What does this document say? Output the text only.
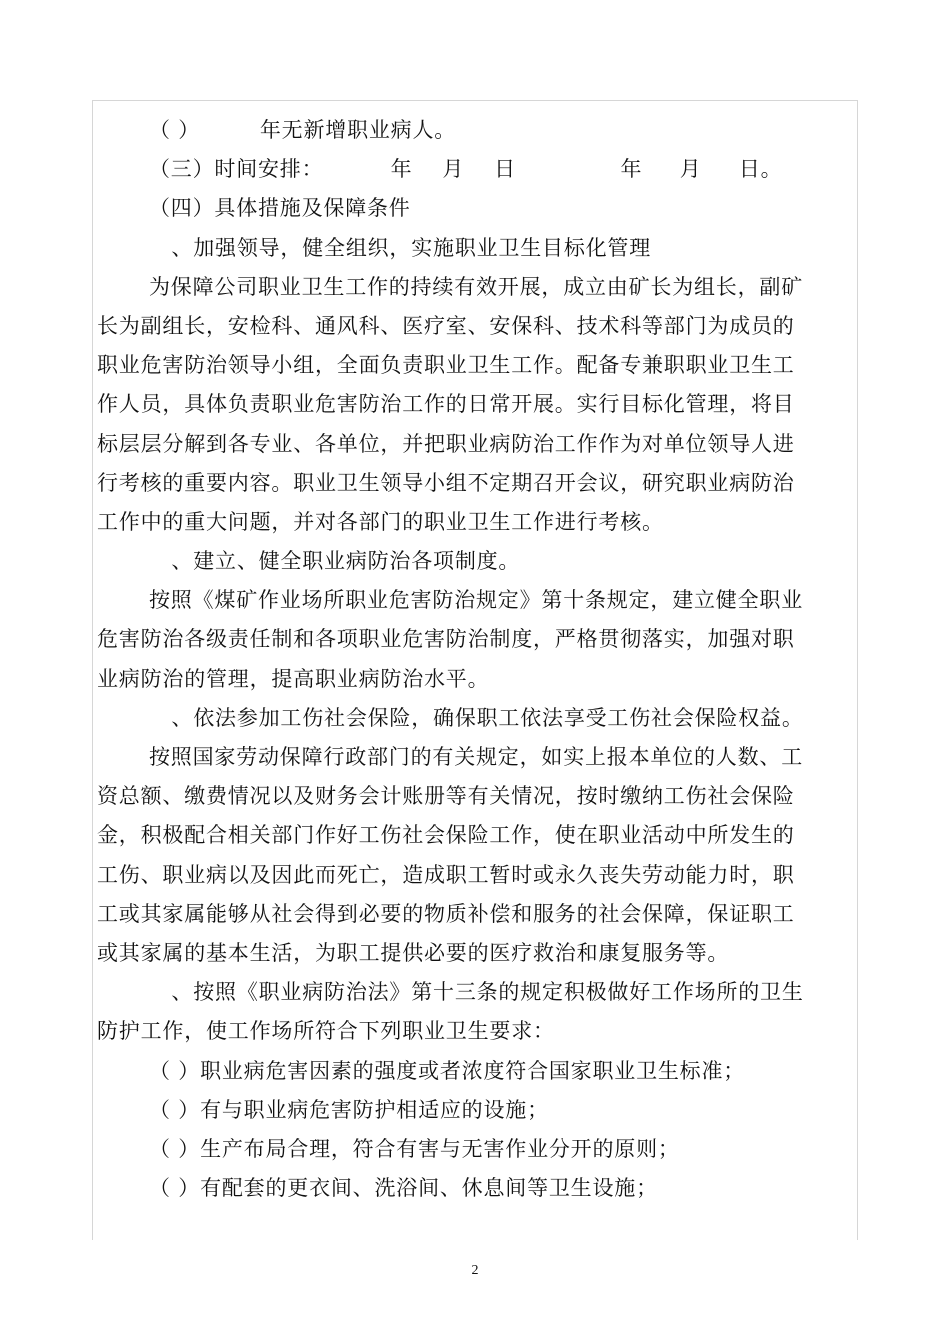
（ ）        年无新增职业病人。
（三）时间安排：         年    月    日              年     月     日。
（四）具体措施及保障条件
、加强领导，健全组织，实施职业卫生目标化管理
为保障公司职业卫生工作的持续有效开展，成立由矿长为组长，副矿
长为副组长，安检科、通风科、医疗室、安保科、技术科等部门为成员的
职业危害防治领导小组，全面负责职业卫生工作。配备专兼职职业卫生工
作人员，具体负责职业危害防治工作的日常开展。实行目标化管理，将目
标层层分解到各专业、各单位，并把职业病防治工作作为对单位领导人进
行考核的重要内容。职业卫生领导小组不定期召开会议，研究职业病防治
工作中的重大问题，并对各部门的职业卫生工作进行考核。
、建立、健全职业病防治各项制度。
按照《煤矿作业场所职业危害防治规定》第十条规定，建立健全职业
危害防治各级责任制和各项职业危害防治制度，严格贯彻落实，加强对职
业病防治的管理，提高职业病防治水平。
、依法参加工伤社会保险，确保职工依法享受工伤社会保险权益。
按照国家劳动保障行政部门的有关规定，如实上报本单位的人数、工
资总额、缴费情况以及财务会计账册等有关情况，按时缴纳工伤社会保险
金，积极配合相关部门作好工伤社会保险工作，使在职业活动中所发生的
工伤、职业病以及因此而死亡，造成职工暂时或永久丧失劳动能力时，职
工或其家属能够从社会得到必要的物质补偿和服务的社会保障，保证职工
或其家属的基本生活，为职工提供必要的医疗救治和康复服务等。
、按照《职业病防治法》第十三条的规定积极做好工作场所的卫生
防护工作，使工作场所符合下列职业卫生要求：
（ ）职业病危害因素的强度或者浓度符合国家职业卫生标准；
（ ）有与职业病危害防护相适应的设施；
（ ）生产布局合理，符合有害与无害作业分开的原则；
（ ）有配套的更衣间、洗浴间、休息间等卫生设施；
2
